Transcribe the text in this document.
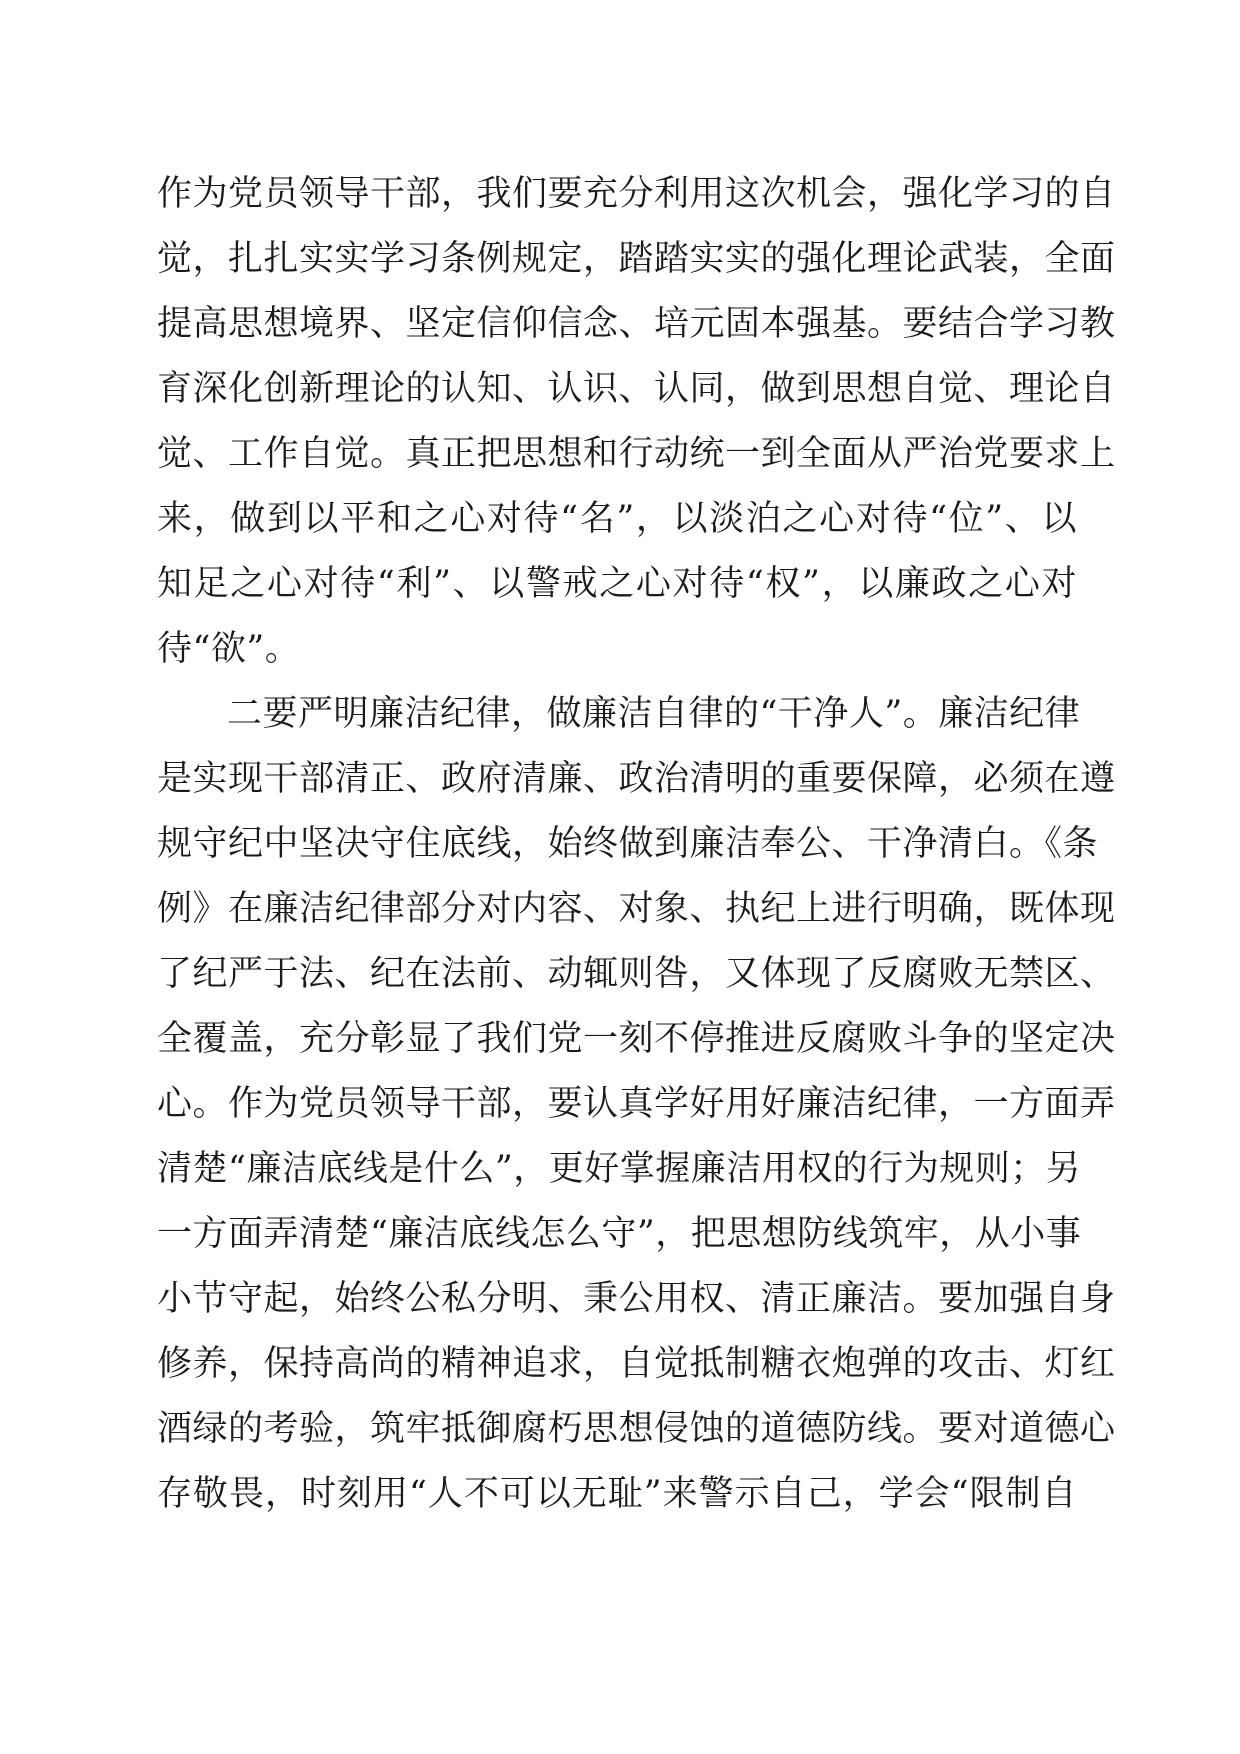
作为党员领导干部，我们要充分利用这次机会，强化学习的自
觉，扎扎实实学习条例规定，踏踏实实的强化理论武装，全面
提高思想境界、坚定信仰信念、培元固本强基。要结合学习教
育深化创新理论的认知、认识、认同，做到思想自觉、理论自
觉、工作自觉。真正把思想和行动统一到全面从严治党要求上
来，做到以平和之心对待“名”，以淡泊之心对待“位”、以
知足之心对待“利”、以警戒之心对待“权”，以廉政之心对
待“欲”。
二要严明廉洁纪律，做廉洁自律的“干净人”。廉洁纪律
是实现干部清正、政府清廉、政治清明的重要保障，必须在遵
规守纪中坚决守住底线，始终做到廉洁奉公、干净清白。《条
例》在廉洁纪律部分对内容、对象、执纪上进行明确，既体现
了纪严于法、纪在法前、动辄则咎，又体现了反腐败无禁区、
全覆盖，充分彰显了我们党一刻不停推进反腐败斗争的坚定决
心。作为党员领导干部，要认真学好用好廉洁纪律，一方面弄
清楚“廉洁底线是什么”，更好掌握廉洁用权的行为规则；另
一方面弄清楚“廉洁底线怎么守”，把思想防线筑牢，从小事
小节守起，始终公私分明、秉公用权、清正廉洁。要加强自身
修养，保持高尚的精神追求，自觉抵制糖衣炮弹的攻击、灯红
酒绿的考验，筑牢抵御腐朽思想侵蚀的道德防线。要对道德心
存敬畏，时刻用“人不可以无耻”来警示自己，学会“限制自
